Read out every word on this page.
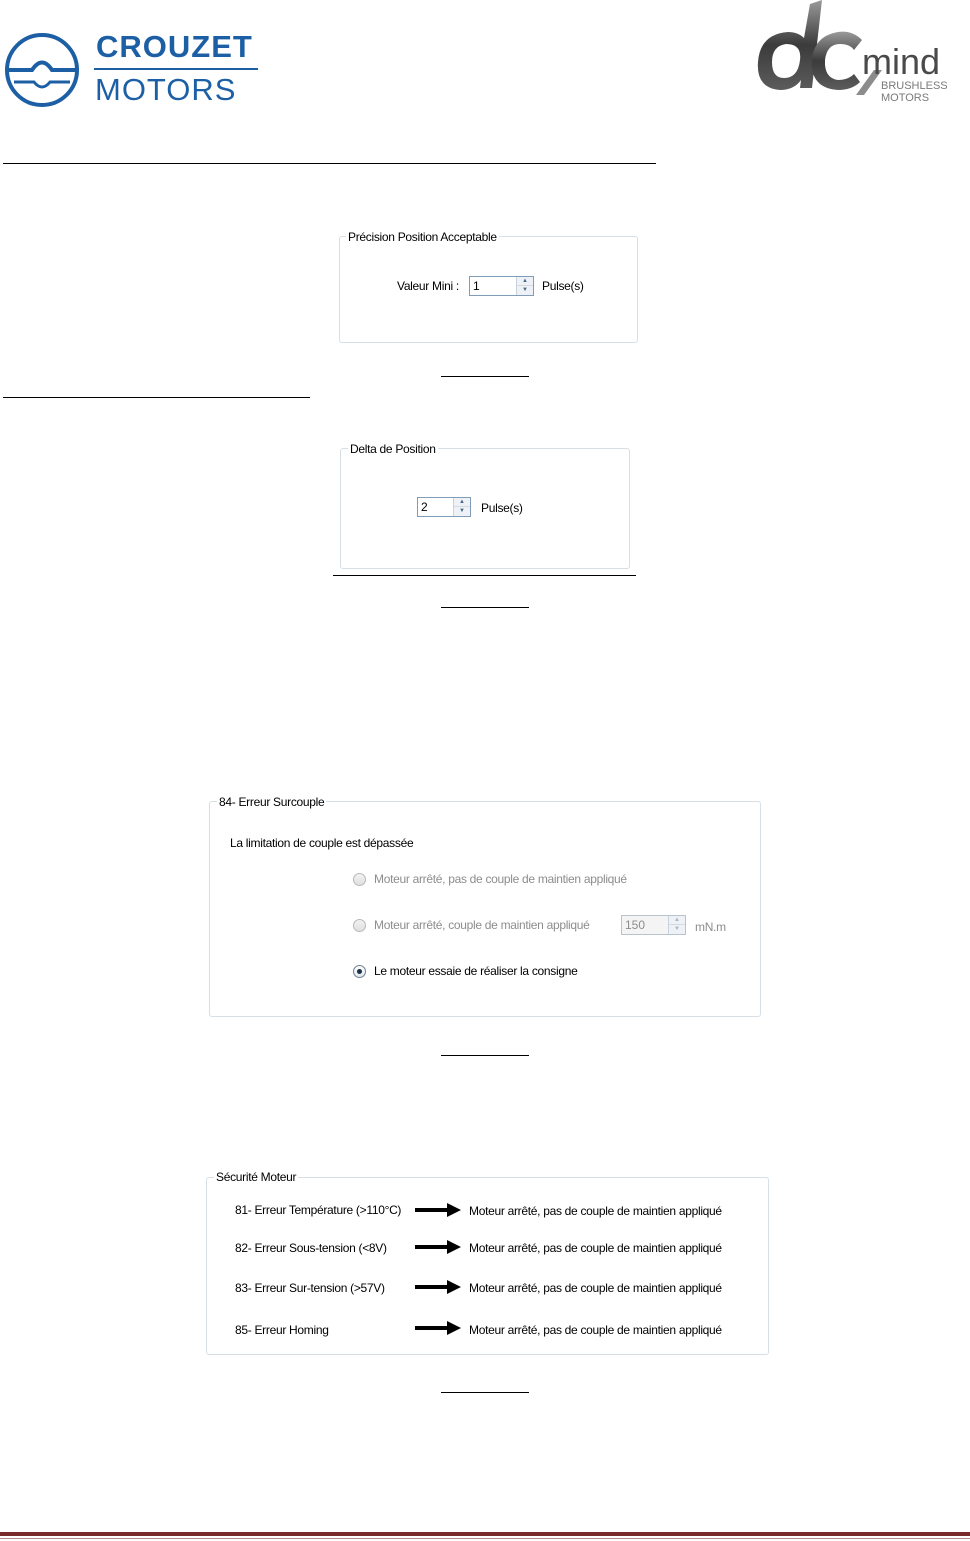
CROUZET
MOTORS
mind
BRUSHLESS
MOTORS
Précision Position Acceptable
Valeur Mini : 1	▲
▼	Pulse(s)
Delta de Position
2	▲
▼	Pulse(s)
84- Erreur Surcouple
La limitation de couple est dépassée
Moteur arrêté, pas de couple de maintien appliqué
Moteur arrêté, couple de maintien appliqué	150	▲
▼	mN.m
Le moteur essaie de réaliser la consigne
Sécurité Moteur
81- Erreur Température (>110°C)	Moteur arrêté, pas de couple de maintien appliqué
82- Erreur Sous-tension (<8V)	Moteur arrêté, pas de couple de maintien appliqué
83- Erreur Sur-tension (>57V)	Moteur arrêté, pas de couple de maintien appliqué
85- Erreur Homing	Moteur arrêté, pas de couple de maintien appliqué
